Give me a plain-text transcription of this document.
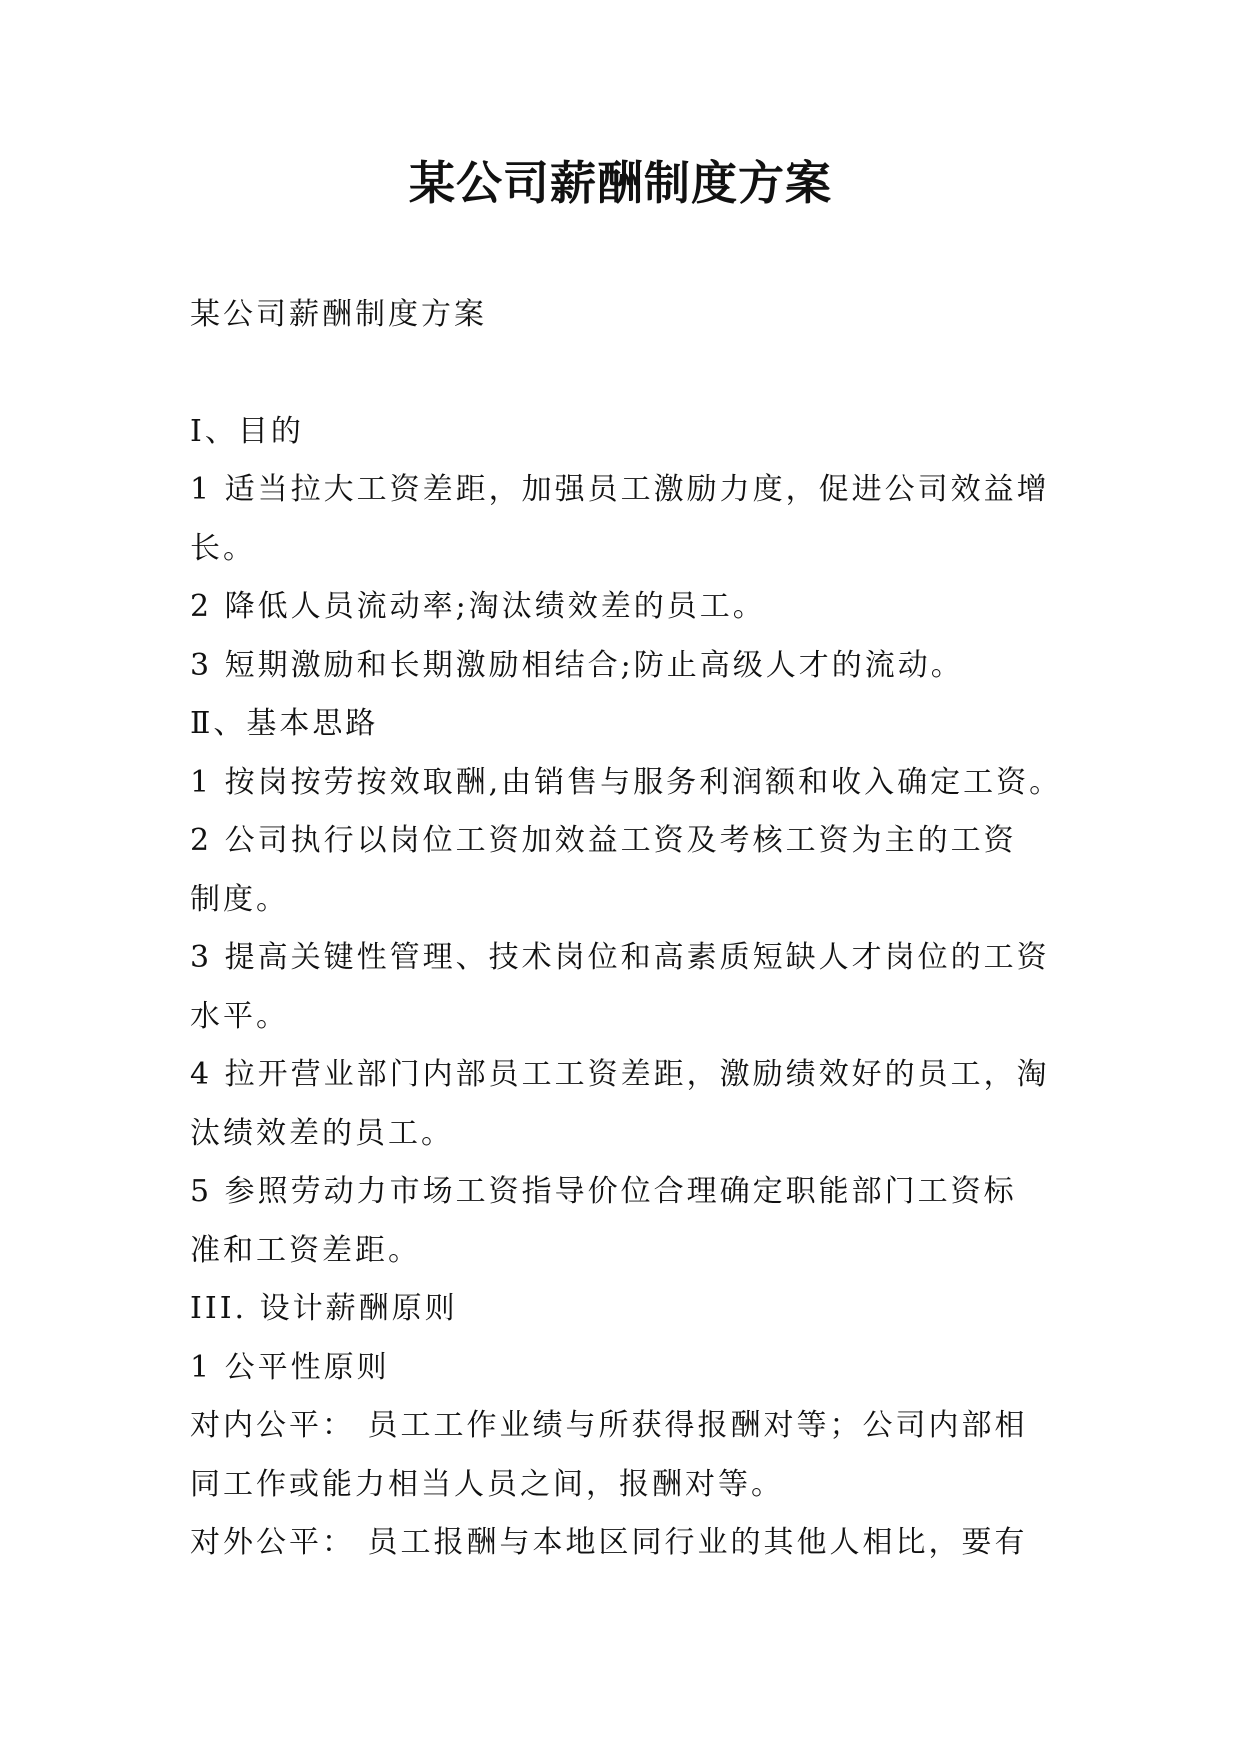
某公司薪酬制度方案

某公司薪酬制度方案

Ⅰ、目的

1 适当拉大工资差距，加强员工激励力度，促进公司效益增

长。

2 降低人员流动率;淘汰绩效差的员工。

3 短期激励和长期激励相结合;防止高级人才的流动。

Ⅱ、基本思路

1 按岗按劳按效取酬,由销售与服务利润额和收入确定工资。

2 公司执行以岗位工资加效益工资及考核工资为主的工资

制度。

3 提高关键性管理、技术岗位和高素质短缺人才岗位的工资

水平。

4 拉开营业部门内部员工工资差距，激励绩效好的员工，淘

汰绩效差的员工。

5 参照劳动力市场工资指导价位合理确定职能部门工资标

准和工资差距。

III. 设计薪酬原则

1 公平性原则

对内公平： 员工工作业绩与所获得报酬对等；公司内部相

同工作或能力相当人员之间，报酬对等。

对外公平： 员工报酬与本地区同行业的其他人相比，要有
